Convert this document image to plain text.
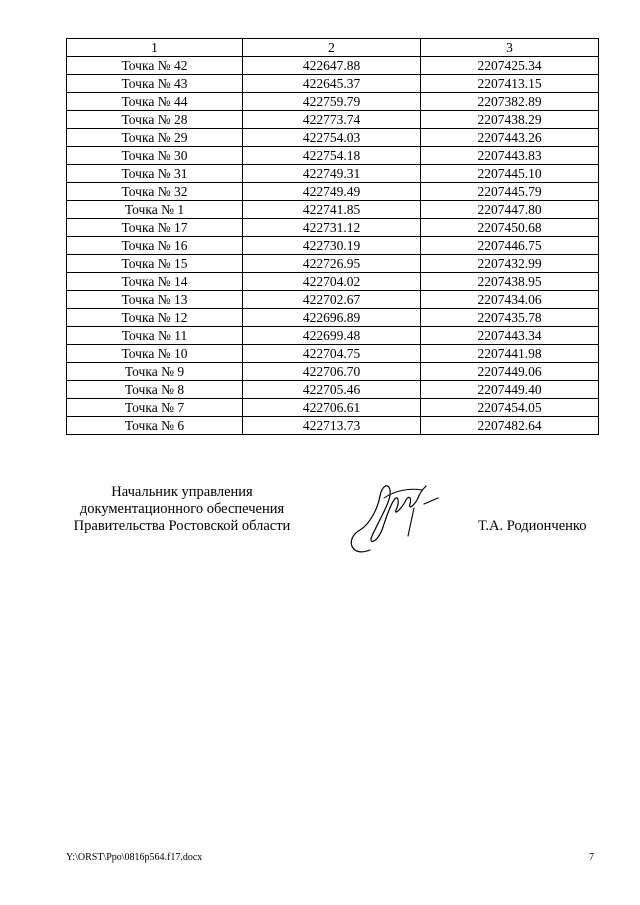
1	2	3
Точка № 42	422647.88	2207425.34
Точка № 43	422645.37	2207413.15
Точка № 44	422759.79	2207382.89
Точка № 28	422773.74	2207438.29
Точка № 29	422754.03	2207443.26
Точка № 30	422754.18	2207443.83
Точка № 31	422749.31	2207445.10
Точка № 32	422749.49	2207445.79
Точка № 1	422741.85	2207447.80
Точка № 17	422731.12	2207450.68
Точка № 16	422730.19	2207446.75
Точка № 15	422726.95	2207432.99
Точка № 14	422704.02	2207438.95
Точка № 13	422702.67	2207434.06
Точка № 12	422696.89	2207435.78
Точка № 11	422699.48	2207443.34
Точка № 10	422704.75	2207441.98
Точка № 9	422706.70	2207449.06
Точка № 8	422705.46	2207449.40
Точка № 7	422706.61	2207454.05
Точка № 6	422713.73	2207482.64
Начальник управления
документационного обеспечения
Правительства Ростовской области	Т.А. Родионченко
Y:\ORST\Ppo\0816p564.f17.docx	7
